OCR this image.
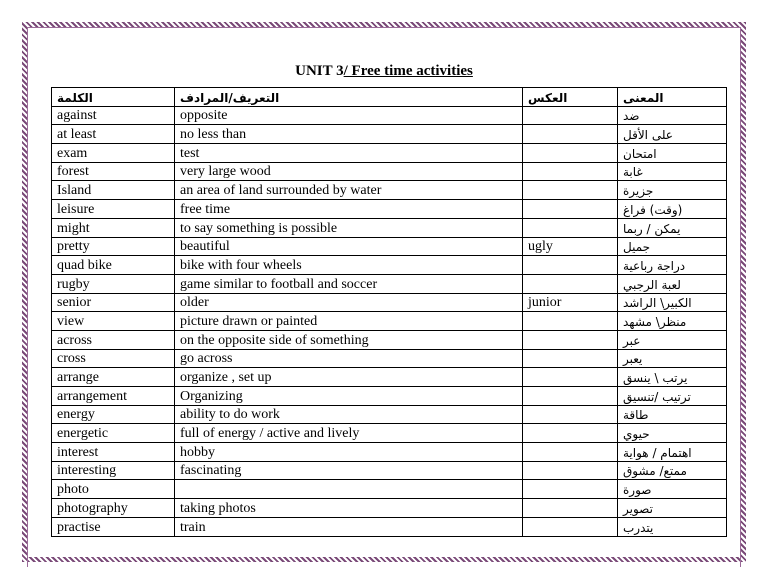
UNIT 3/ Free time activities
الكلمة	التعريف/المرادف	العكس	المعنى
against	opposite		ضد
at least	no less than		على الأقل
exam	test		امتحان
forest	very large wood		غابة
Island	an area of land surrounded by water		جزيرة
leisure	free time		(وقت) فراغ
might	to say something is possible		يمكن / ربما
pretty	beautiful	ugly	جميل
quad bike	bike with four wheels		دراجة رباعية
rugby	game similar to football and soccer		لعبة الرجبي
senior	older	junior	الكبير\ الراشد
view	picture drawn or painted		منظر\ مشهد
across	on the opposite side of something		عبر
cross	go across		يعبر
arrange	organize , set up		يرتب \ ينسق
arrangement	Organizing		ترتيب /تنسيق
energy	ability to do work		طاقة
energetic	full of energy / active and lively		حيوي
interest	hobby		اهتمام / هواية
interesting	fascinating		ممتع/ مشوق
photo			صورة
photography	taking photos		تصوير
practise	train		يتدرب
